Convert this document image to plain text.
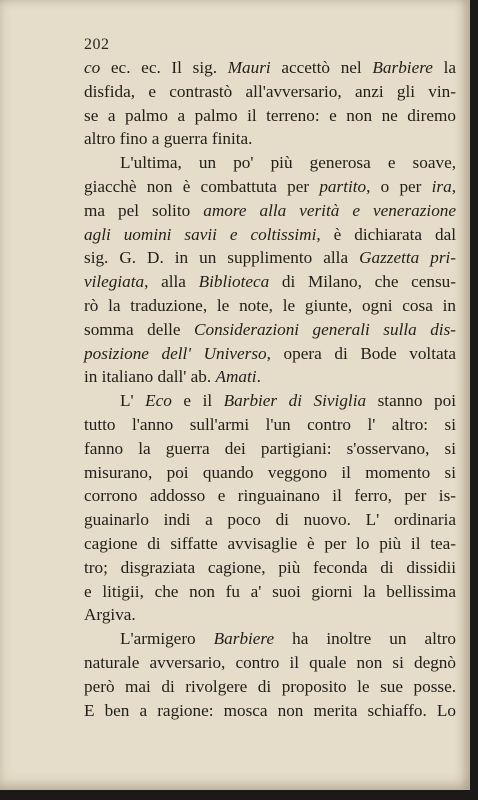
202
co ec. ec. Il sig. Mauri accettò nel Barbiere la
disfida, e contrastò all'avversario, anzi gli vin-
se a palmo a palmo il terreno: e non ne diremo
altro fino a guerra finita.
L'ultima, un po' più generosa e soave,
giacchè non è combattuta per partito, o per ira,
ma pel solito amore alla verità e venerazione
agli uomini savii e coltissimi, è dichiarata dal
sig. G. D. in un supplimento alla Gazzetta pri-
vilegiata, alla Biblioteca di Milano, che censu-
rò la traduzione, le note, le giunte, ogni cosa in
somma delle Considerazioni generali sulla dis-
posizione dell' Universo, opera di Bode voltata
in italiano dall' ab. Amati.
L' Eco e il Barbier di Siviglia stanno poi
tutto l'anno sull'armi l'un contro l' altro: si
fanno la guerra dei partigiani: s'osservano, si
misurano, poi quando veggono il momento si
corrono addosso e ringuainano il ferro, per is-
guainarlo indi a poco di nuovo. L' ordinaria
cagione di siffatte avvisaglie è per lo più il tea-
tro; disgraziata cagione, più feconda di dissidii
e litigii, che non fu a' suoi giorni la bellissima
Argiva.
L'armigero Barbiere ha inoltre un altro
naturale avversario, contro il quale non si degnò
però mai di rivolgere di proposito le sue posse.
E ben a ragione: mosca non merita schiaffo. Lo
